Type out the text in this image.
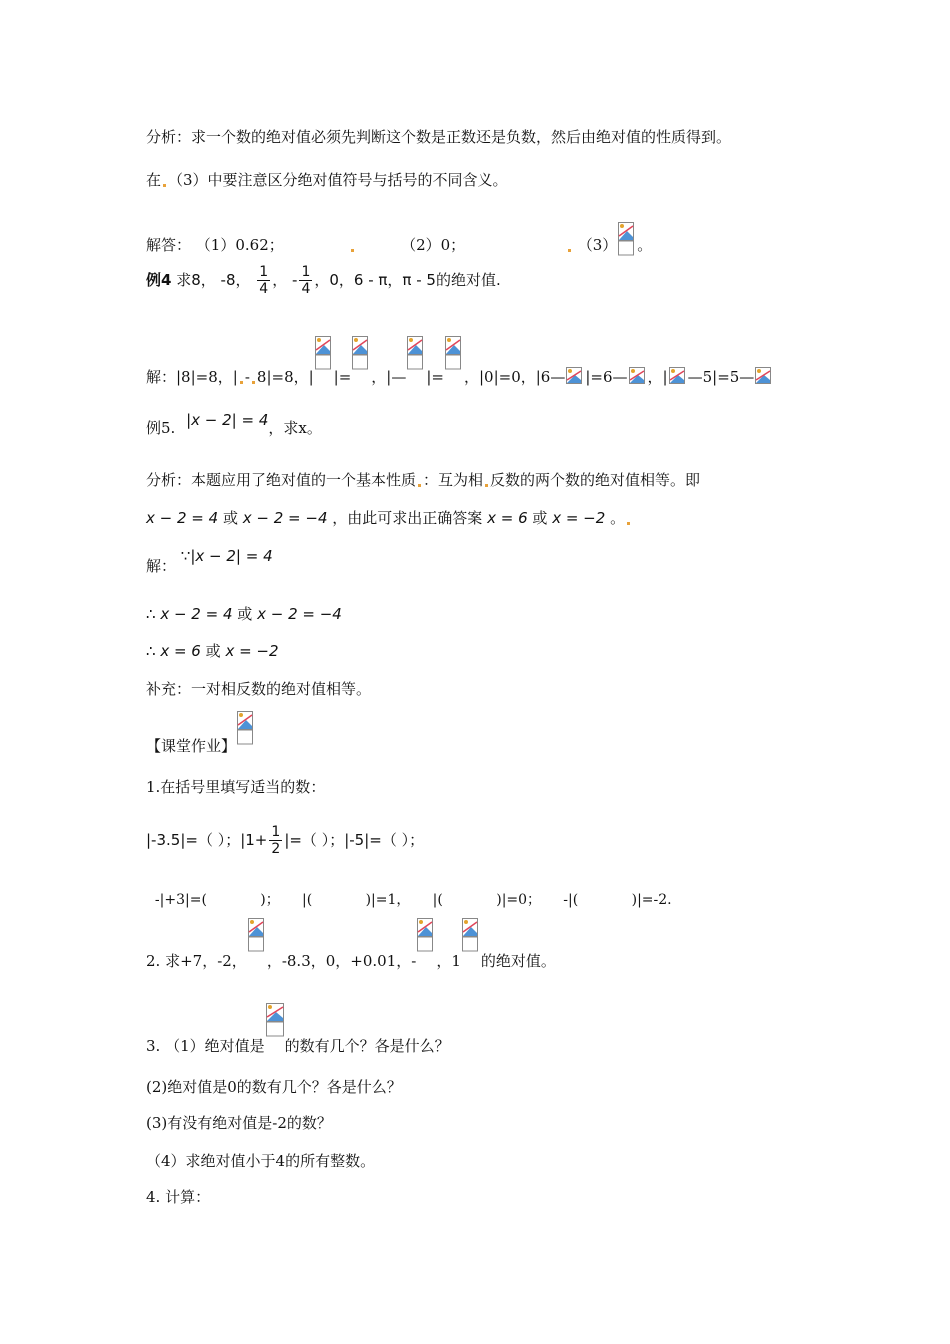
分析：求一个数的绝对值必须先判断这个数是正数还是负数，然后由绝对值的性质得到。
在 （3）中要注意区分绝对值符号与括号的不同含义。
解答： （1）0.62；	（2）0；	（3） 。
例4 求8， -8， $\frac{1}{4}$ ， - $\frac{1}{4}$ ，0，6 - π，π - 5的绝对值.
解：|8|=8，| - 8|=8，| |= ，|— |= ，|0|=0，|6— |=6— ，| —5|=5—
例5. |x − 2| = 4，求x。
分析：本题应用了绝对值的一个基本性质 ：互为相 反数的两个数的绝对值相等。即
x − 2 = 4 或 x − 2 = −4 ，由此可求出正确答案 x = 6 或 x = −2 。
解： ∵|x − 2| = 4
∴ x − 2 = 4 或 x − 2 = −4
∴ x = 6 或 x = −2
补充：一对相反数的绝对值相等。
【课堂作业】
1.在括号里填写适当的数：
|-3.5|=（ ）；$|1+ \frac{1}{2}$ |=（ ）；|-5|=（ ）；

-|+3|=(            )；     |(            )|=1，     |(            )|=0；     -|(            )|=-2.

2. 求+7，-2， ，-8.3，0，+0.01，- ，1 的绝对值。
3. （1）绝对值是 的数有几个？各是什么？
(2)绝对值是0的数有几个？各是什么？
(3)有没有绝对值是-2的数？
（4）求绝对值小于4的所有整数。
4. 计算：
